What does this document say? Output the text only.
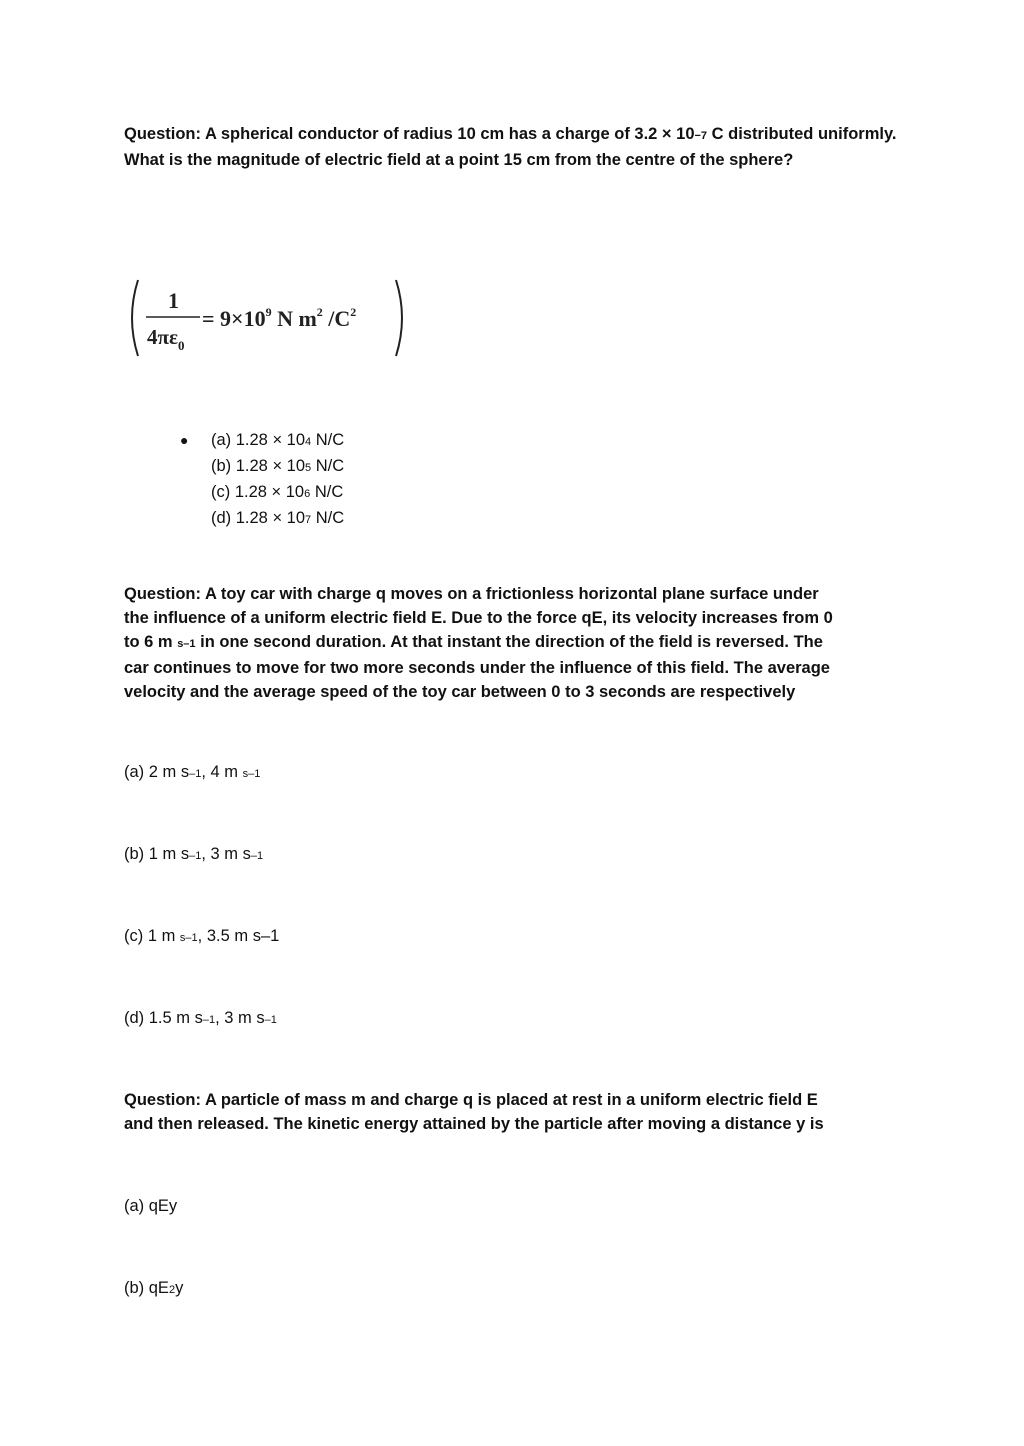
Question: A spherical conductor of radius 10 cm has a charge of 3.2 × 10−7 C distributed uniformly. What is the magnitude of electric field at a point 15 cm from the centre of the sphere?
1
$4\pi\varepsilon_0$
= $9\times 10^9$ N $m^2$ $/C^2$
● (a) 1.28 × 104 N/C
(b) 1.28 × 105 N/C
(c) 1.28 × 106 N/C
(d) 1.28 × 107 N/C
Question: A toy car with charge q moves on a frictionless horizontal plane surface under
the influence of a uniform electric field E. Due to the force qE, its velocity increases from 0
to 6 m s–1 in one second duration. At that instant the direction of the field is reversed. The
car continues to move for two more seconds under the influence of this field. The average
velocity and the average speed of the toy car between 0 to 3 seconds are respectively
(a) 2 m s–1, 4 m s–1
(b) 1 m s–1, 3 m s–1
(c) 1 m s–1, 3.5 m s–1
(d) 1.5 m s–1, 3 m s–1
Question: A particle of mass m and charge q is placed at rest in a uniform electric field E
and then released. The kinetic energy attained by the particle after moving a distance y is
(a) qEy
(b) qE2y
